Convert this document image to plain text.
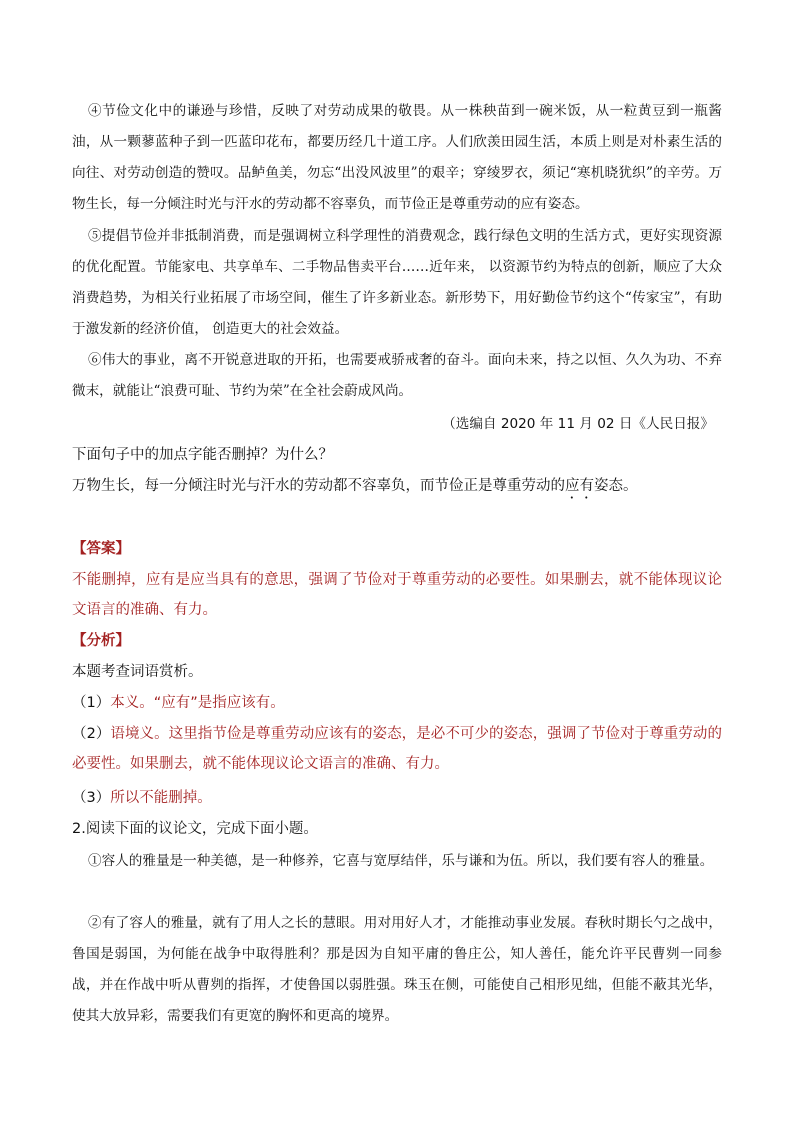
④节俭文化中的谦逊与珍惜，反映了对劳动成果的敬畏。从一株秧苗到一碗米饭，从一粒黄豆到一瓶酱油，从一颗蓼蓝种子到一匹蓝印花布，都要历经几十道工序。人们欣羡田园生活，本质上则是对朴素生活的向往、对劳动创造的赞叹。品鲈鱼美，勿忘“出没风波里”的艰辛；穿绫罗衣，须记“寒机晓犹织”的辛劳。万物生长，每一分倾注时光与汗水的劳动都不容辜负，而节俭正是尊重劳动的应有姿态。

⑤提倡节俭并非抵制消费，而是强调树立科学理性的消费观念，践行绿色文明的生活方式，更好实现资源的优化配置。节能家电、共享单车、二手物品售卖平台……近年来， 以资源节约为特点的创新，顺应了大众消费趋势，为相关行业拓展了市场空间，催生了许多新业态。新形势下，用好勤俭节约这个“传家宝”，有助于激发新的经济价值， 创造更大的社会效益。

⑥伟大的事业，离不开锐意进取的开拓，也需要戒骄戒奢的奋斗。面向未来，持之以恒、久久为功、不弃微末，就能让“浪费可耻、节约为荣”在全社会蔚成风尚。

（选编自 2020 年 11 月 02 日《人民日报》

下面句子中的加点字能否删掉？为什么？

万物生长，每一分倾注时光与汗水的劳动都不容辜负，而节俭正是尊重劳动的应有姿态。

【答案】

不能删掉，应有是应当具有的意思，强调了节俭对于尊重劳动的必要性。如果删去，就不能体现议论文语言的准确、有力。

【分析】

本题考查词语赏析。

（1）本义。“应有”是指应该有。

（2）语境义。这里指节俭是尊重劳动应该有的姿态，是必不可少的姿态，强调了节俭对于尊重劳动的必要性。如果删去，就不能体现议论文语言的准确、有力。

（3）所以不能删掉。

2.阅读下面的议论文，完成下面小题。

①容人的雅量是一种美德，是一种修养，它喜与宽厚结伴，乐与谦和为伍。所以，我们要有容人的雅量。

②有了容人的雅量，就有了用人之长的慧眼。用对用好人才，才能推动事业发展。春秋时期长勺之战中，鲁国是弱国，为何能在战争中取得胜利？那是因为自知平庸的鲁庄公，知人善任，能允许平民曹刿一同参战，并在作战中听从曹刿的指挥，才使鲁国以弱胜强。珠玉在侧，可能使自己相形见绌，但能不蔽其光华，使其大放异彩，需要我们有更宽的胸怀和更高的境界。
